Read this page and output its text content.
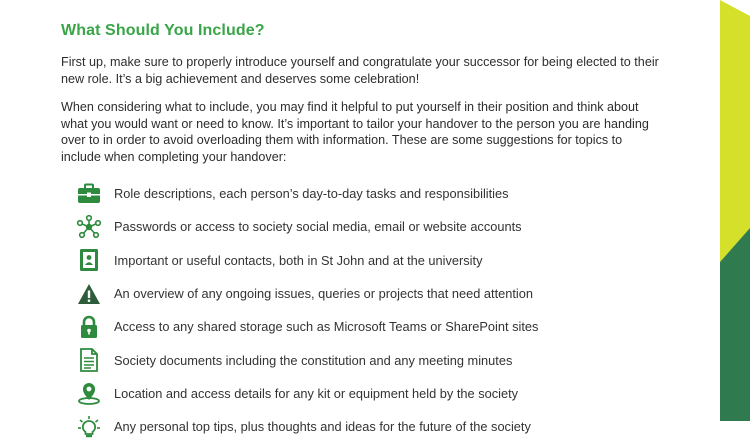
What Should You Include?

First up, make sure to properly introduce yourself and congratulate your successor for being elected to their new role. It’s a big achievement and deserves some celebration!

When considering what to include, you may find it helpful to put yourself in their position and think about what you would want or need to know. It’s important to tailor your handover to the person you are handing over to in order to avoid overloading them with information. These are some suggestions for topics to include when completing your handover:

Role descriptions, each person’s day-to-day tasks and responsibilities
Passwords or access to society social media, email or website accounts
Important or useful contacts, both in St John and at the university
An overview of any ongoing issues, queries or projects that need attention
Access to any shared storage such as Microsoft Teams or SharePoint sites
Society documents including the constitution and any meeting minutes
Location and access details for any kit or equipment held by the society
Any personal top tips, plus thoughts and ideas for the future of the society
